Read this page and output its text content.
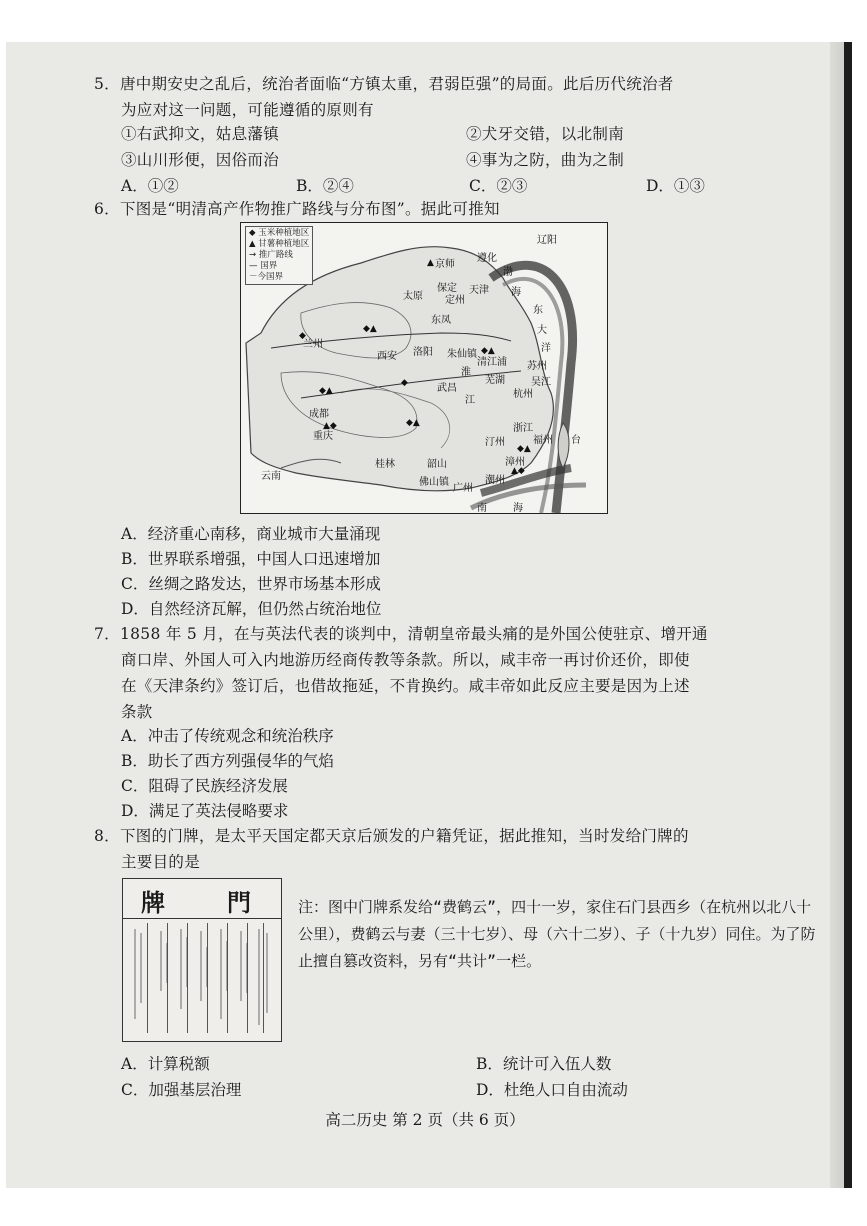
5．唐中期安史之乱后，统治者面临“方镇太重，君弱臣强”的局面。此后历代统治者
为应对这一问题，可能遵循的原则有
①右武抑文，姑息藩镇	②犬牙交错，以北制南
③山川形便，因俗而治	④事为之防，曲为之制
A．①②	B．②④	C．②③	D．①③
6．下图是“明清高产作物推广路线与分布图”。据此可推知
◆
◆▲
◆▲
▲◆
◆
◆▲
◆▲
▲
◆▲
▲◆
◆ 玉米种植地区
▲ 甘薯种植地区
→ 推广路线
— 国界
－今国界
辽阳
京师
遵化
保定 天津
渤
海
太原 定州
东
大
洋
兰州
西安 洛阳
东凤
朱仙镇
淮
清江浦 苏州
芜湖	吴江
杭州
武昌
江
成都
重庆
浙江
汀州	福州
漳州
潮州
桂林	韶山
佛山镇
广州
云南
南	海
台
A．经济重心南移，商业城市大量涌现
B．世界联系增强，中国人口迅速增加
C．丝绸之路发达，世界市场基本形成
D．自然经济瓦解，但仍然占统治地位
7．1858 年 5 月，在与英法代表的谈判中，清朝皇帝最头痛的是外国公使驻京、增开通
商口岸、外国人可入内地游历经商传教等条款。所以，咸丰帝一再讨价还价，即使
在《天津条约》签订后，也借故拖延，不肯换约。咸丰帝如此反应主要是因为上述
条款
A．冲击了传统观念和统治秩序
B．助长了西方列强侵华的气焰
C．阻碍了民族经济发展
D．满足了英法侵略要求
8．下图的门牌，是太平天国定都天京后颁发的户籍凭证，据此推知，当时发给门牌的
主要目的是
牌	門	注：图中门牌系发给“费鹤云”，四十一岁，家住石门县西乡（在杭州以北八十公里），费鹤云与妻（三十七岁）、母（六十二岁）、子（十九岁）同住。为了防止擅自篡改资料，另有“共计”一栏。
A．计算税额	B．统计可入伍人数
C．加强基层治理	D．杜绝人口自由流动
高二历史 第 2 页（共 6 页）
